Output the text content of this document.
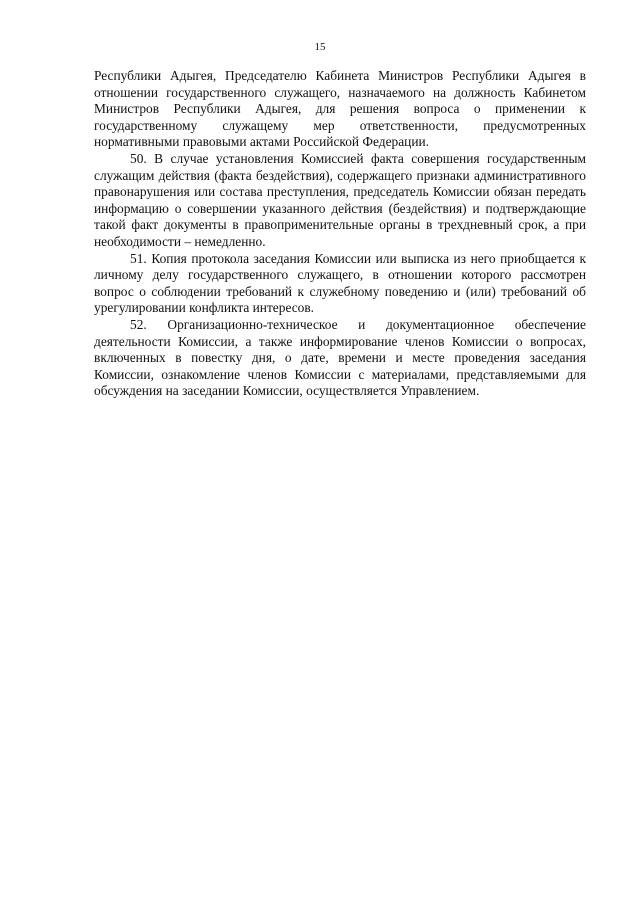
15

Республики Адыгея, Председателю Кабинета Министров Республики Адыгея в отношении государственного служащего, назначаемого на должность Кабинетом Министров Республики Адыгея, для решения вопроса о применении к государственному служащему мер ответственности, предусмотренных нормативными правовыми актами Российской Федерации.

50. В случае установления Комиссией факта совершения государственным служащим действия (факта бездействия), содержащего признаки административного правонарушения или состава преступления, председатель Комиссии обязан передать информацию о совершении указанного действия (бездействия) и подтверждающие такой факт документы в правоприменительные органы в трехдневный срок, а при необходимости – немедленно.

51. Копия протокола заседания Комиссии или выписка из него приобщается к личному делу государственного служащего, в отношении которого рассмотрен вопрос о соблюдении требований к служебному поведению и (или) требований об урегулировании конфликта интересов.

52. Организационно-техническое и документационное обеспечение деятельности Комиссии, а также информирование членов Комиссии о вопросах, включенных в повестку дня, о дате, времени и месте проведения заседания Комиссии, ознакомление членов Комиссии с материалами, представляемыми для обсуждения на заседании Комиссии, осуществляется Управлением.
